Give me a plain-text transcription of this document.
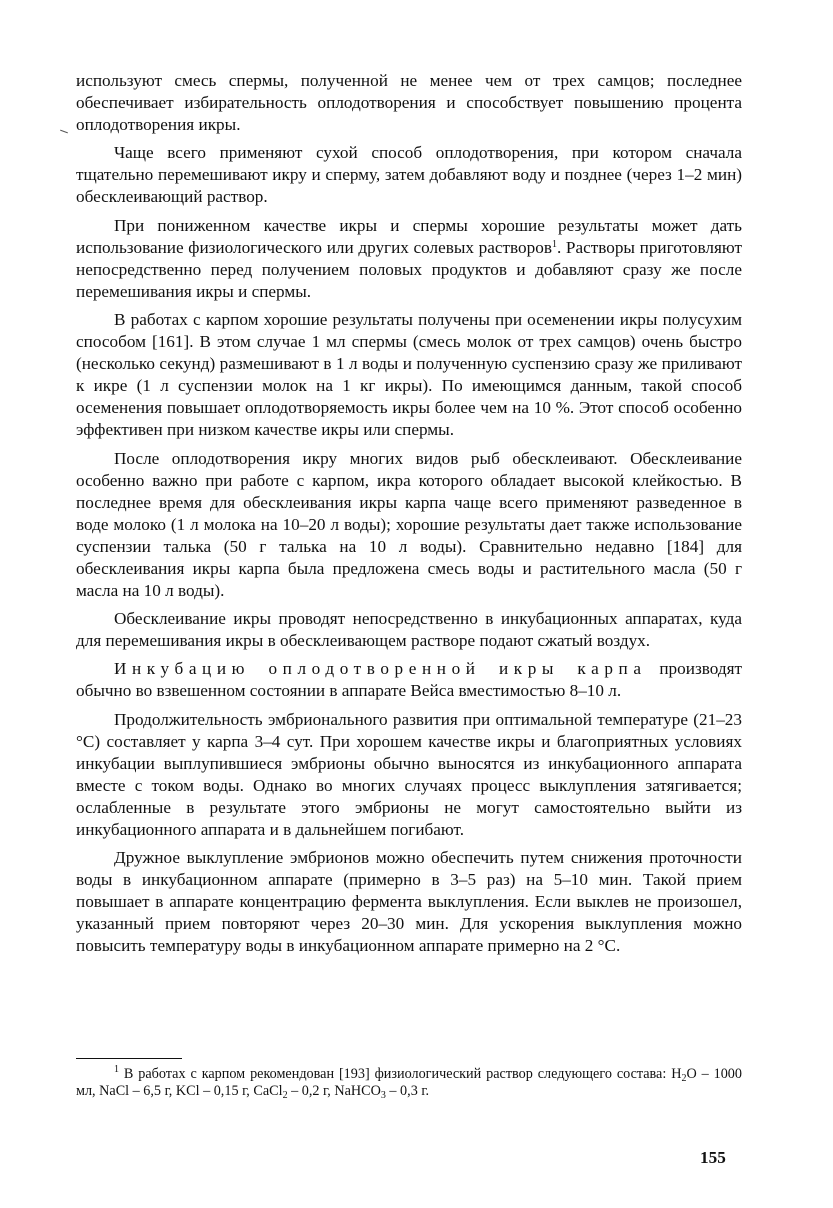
используют смесь спермы, полученной не менее чем от трех самцов; последнее обеспечивает избирательность оплодотворения и способствует повышению процента оплодотворения икры.

Чаще всего применяют сухой способ оплодотворения, при котором сначала тщательно перемешивают икру и сперму, затем добавляют воду и позднее (через 1–2 мин) обесклеивающий раствор.

При пониженном качестве икры и спермы хорошие результаты может дать использование физиологического или других солевых растворов$^1$. Растворы приготовляют непосредственно перед получением половых продуктов и добавляют сразу же после перемешивания икры и спермы.

В работах с карпом хорошие результаты получены при осеменении икры полусухим способом [161]. В этом случае 1 мл спермы (смесь молок от трех самцов) очень быстро (несколько секунд) размешивают в 1 л воды и полученную суспензию сразу же приливают к икре (1 л суспензии молок на 1 кг икры). По имеющимся данным, такой способ осеменения повышает оплодотворяемость икры более чем на 10 %. Этот способ особенно эффективен при низком качестве икры или спермы.

После оплодотворения икру многих видов рыб обесклеивают. Обесклеивание особенно важно при работе с карпом, икра которого обладает высокой клейкостью. В последнее время для обесклеивания икры карпа чаще всего применяют разведенное в воде молоко (1 л молока на 10–20 л воды); хорошие результаты дает также использование суспензии талька (50 г талька на 10 л воды). Сравнительно недавно [184] для обесклеивания икры карпа была предложена смесь воды и растительного масла (50 г масла на 10 л воды).

Обесклеивание икры проводят непосредственно в инкубационных аппаратах, куда для перемешивания икры в обесклеивающем растворе подают сжатый воздух.

Инкубацию оплодотворенной икры карпа производят обычно во взвешенном состоянии в аппарате Вейса вместимостью 8–10 л.

Продолжительность эмбрионального развития при оптимальной температуре (21–23 °С) составляет у карпа 3–4 сут. При хорошем качестве икры и благоприятных условиях инкубации выплупившиеся эмбрионы обычно выносятся из инкубационного аппарата вместе с током воды. Однако во многих случаях процесс выклупления затягивается; ослабленные в результате этого эмбрионы не могут самостоятельно выйти из инкубационного аппарата и в дальнейшем погибают.

Дружное выклупление эмбрионов можно обеспечить путем снижения проточности воды в инкубационном аппарате (примерно в 3–5 раз) на 5–10 мин. Такой прием повышает в аппарате концентрацию фермента выклупления. Если выклев не произошел, указанный прием повторяют через 20–30 мин. Для ускорения выклупления можно повысить температуру воды в инкубационном аппарате примерно на 2 °С.

$^1$ В работах с карпом рекомендован [193] физиологический раствор следующего состава: $H_2O - 1000$ мл, NaCl – 6,5 г, KCl – 0,15 г, CaCl$_2$ – 0,2 г, NaHCO$_3$ – 0,3 г.

155
